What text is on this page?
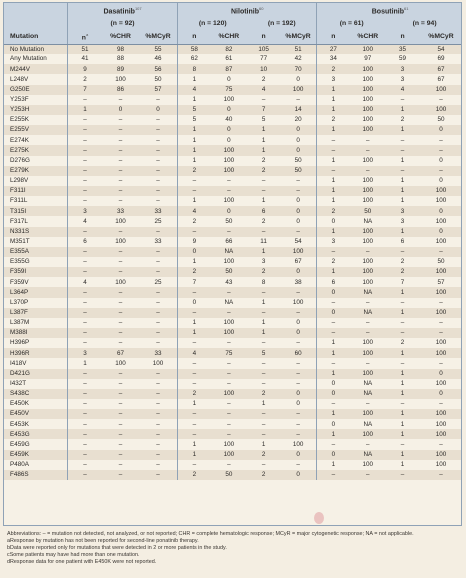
	Dasatinib$^{107}$			Nilotinib$^{60}$				Bosutinib$^{61}$
	(n = 92)			(n = 120)		(n = 192)		(n = 61)		(n = 94)	
Mutation	n$^a$	%CHR	%MCyR	n	%CHR	n	%MCyR	n	%CHR	n	%MCyR
No Mutation	51	98	55	58	82	105	51	27	100	35	54
Any Mutation	41	88	46	62	61	77	42	34	97	59	69
M244V	9	89	56	8	87	10	70	2	100	3	67
L248V	2	100	50	1	0	2	0	3	100	3	67
G250E	7	86	57	4	75	4	100	1	100	4	100
Y253F	–	–	–	1	100	–	–	1	100	–	–
Y253H	1	0	0	5	0	7	14	1	100	1	100
E255K	–	–	–	5	40	5	20	2	100	2	50
E255V	–	–	–	1	0	1	0	1	100	1	0
E274K	–	–	–	1	0	1	0	–	–	–	–
E275K	–	–	–	1	100	1	0	–	–	–	–
D276G	–	–	–	1	100	2	50	1	100	1	0
E279K	–	–	–	2	100	2	50	–	–	–	–
L298V	–	–	–	–	–	–	–	1	100	1	0
F311I	–	–	–	–	–	–	–	1	100	1	100
F311L	–	–	–	1	100	1	0	1	100	1	100
T315I	3	33	33	4	0	6	0	2	50	3	0
F317L	4	100	25	2	50	2	0	0	NA	3	100
N331S	–	–	–	–	–	–	–	1	100	1	0
M351T	6	100	33	9	66	11	54	3	100	6	100
E355A	–	–	–	0	NA	1	100	–	–	–	–
E355G	–	–	–	1	100	3	67	2	100	2	50
F359I	–	–	–	2	50	2	0	1	100	2	100
F359V	4	100	25	7	43	8	38	6	100	7	57
L364P	–	–	–	–	–	–	–	0	NA	1	100
L370P	–	–	–	0	NA	1	100	–	–	–	–
L387F	–	–	–	–	–	–	–	0	NA	1	100
L387M	–	–	–	1	100	1	0	–	–	–	–
M388I	–	–	–	1	100	1	0	–	–	–	–
H396P	–	–	–	–	–	–	–	1	100	2	100
H396R	3	67	33	4	75	5	60	1	100	1	100
I418V	1	100	100	–	–	–	–	–	–	–	–
D421G	–	–	–	–	–	–	–	1	100	1	0
I432T	–	–	–	–	–	–	–	0	NA	1	100
S438C	–	–	–	2	100	2	0	0	NA	1	0
E450K	–	–	–	1	–	1	0	–	–	–	–
E450V	–	–	–	–	–	–	–	1	100	1	100
E453K	–	–	–	–	–	–	–	0	NA	1	100
E453G	–	–	–	–	–	–	–	1	100	1	100
E459G	–	–	–	1	100	1	100	–	–	–	–
E459K	–	–	–	1	100	2	0	0	NA	1	100
P480A	–	–	–	–	–	–	–	1	100	1	100
F486S	–	–	–	2	50	2	0	–	–	–	–
Abbreviations: – = mutation not detected, not analyzed, or not reported; CHR = complete hematologic response; MCyR = major cytogenetic response; NA = not applicable.
aResponse by mutation has not been reported for second-line ponatinib therapy.
bData were reported only for mutations that were detected in 2 or more patients in the study.
cSome patients may have had more than one mutation.
dResponse data for one patient with E450K were not reported.
